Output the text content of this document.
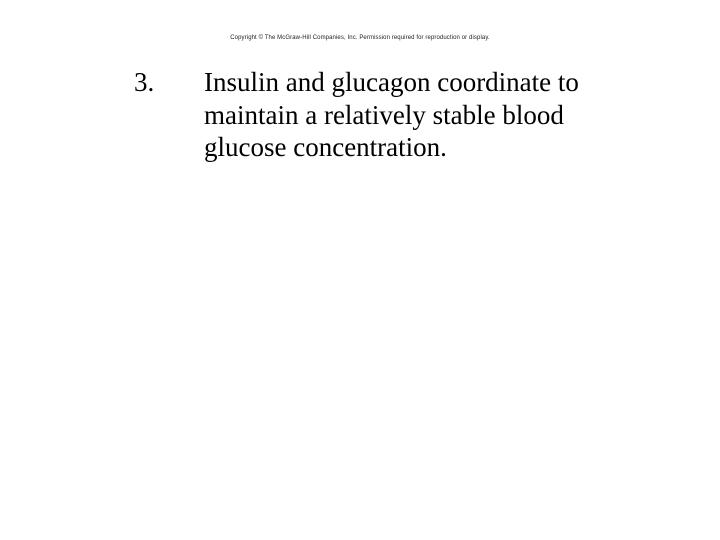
Copyright © The McGraw-Hill Companies, Inc. Permission required for reproduction or display.
3. Insulin and glucagon coordinate to maintain a relatively stable blood glucose concentration.
